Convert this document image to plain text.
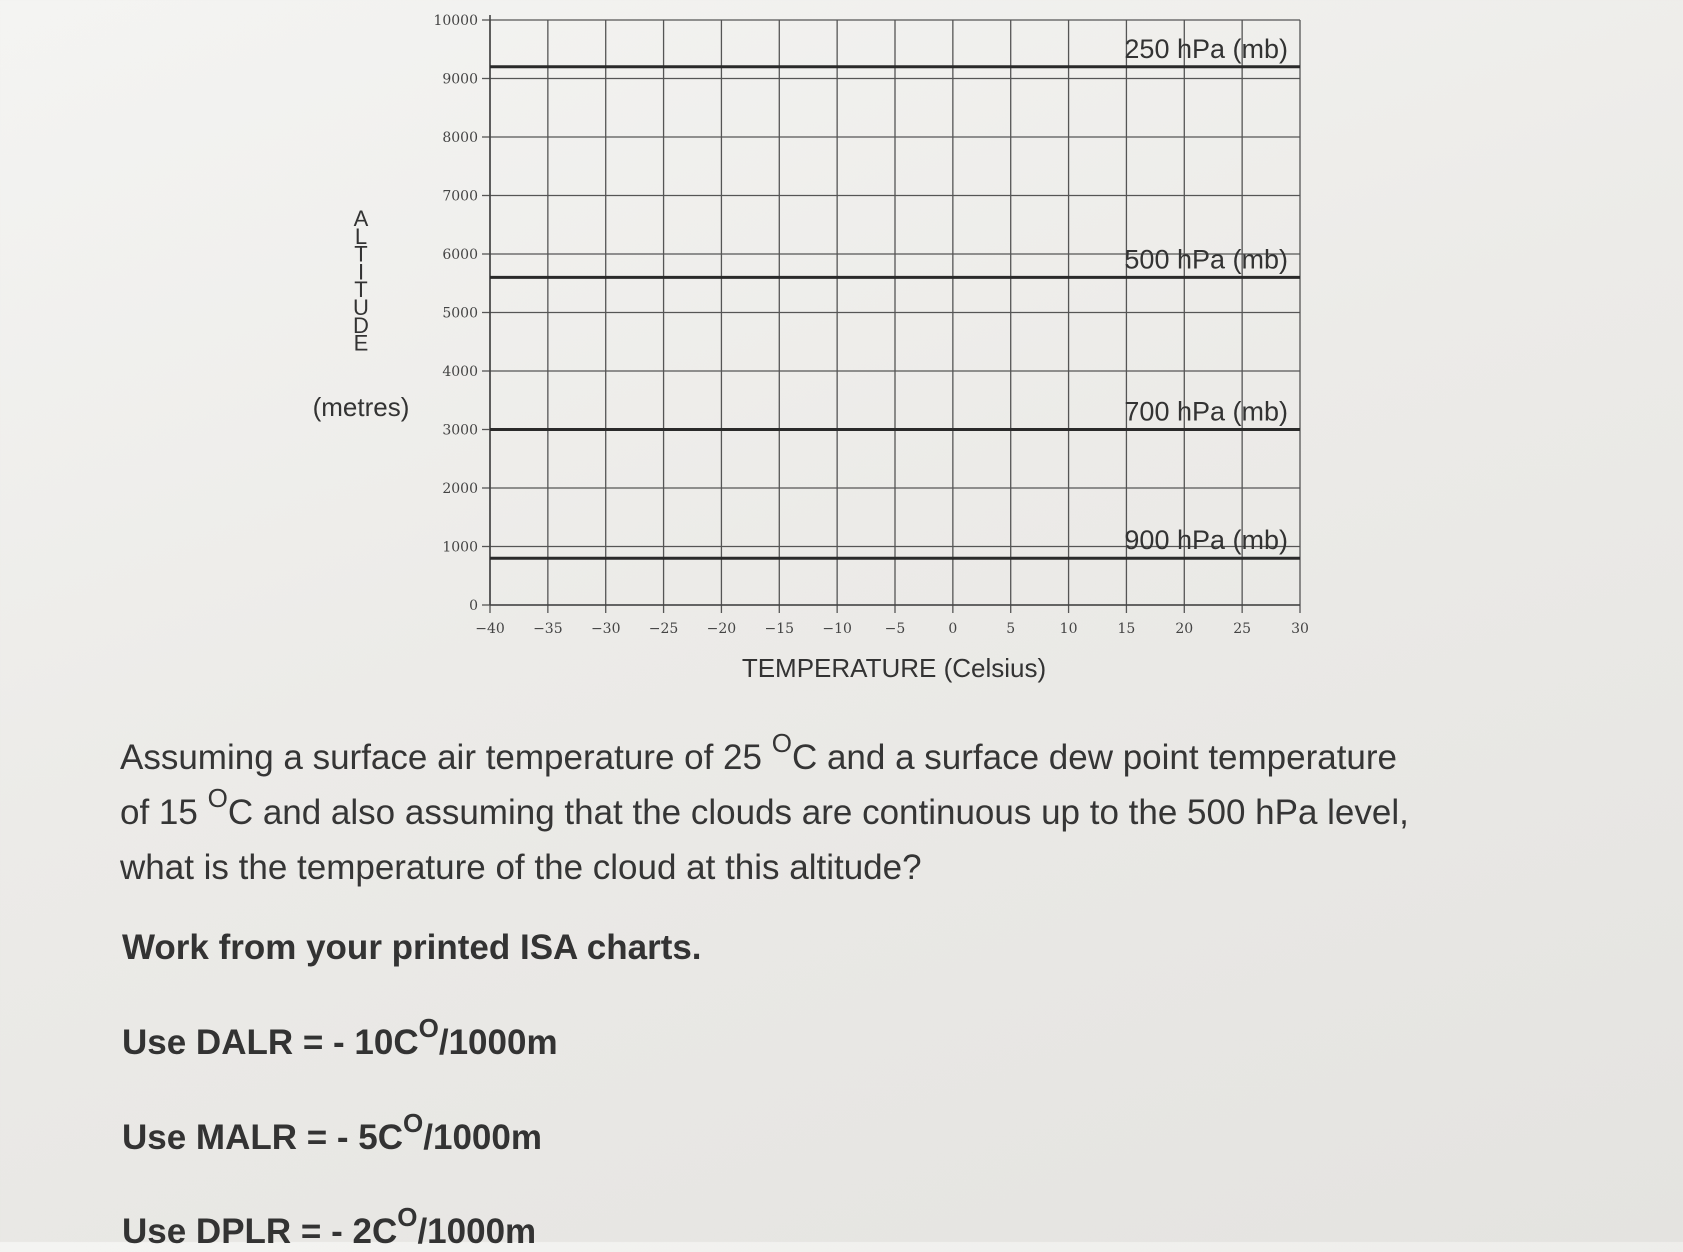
250 hPa (mb)
500 hPa (mb)
700 hPa (mb)
900 hPa (mb)
0
1000
2000
3000
4000
5000
6000
7000
8000
9000
10000
−40 −35 −30 −25 −20 −15 −10 −5	0	5	10	15	20	25	30
A
L
T
I
T
U
D
E
(metres)
TEMPERATURE (Celsius)
Assuming a surface air temperature of 25 $^O$C and a surface dew point temperature
of 15 $^O$C and also assuming that the clouds are continuous up to the 500 hPa level,
what is the temperature of the cloud at this altitude?
Work from your printed ISA charts.
Use DALR = - $10C^O/1000m$
Use MALR = - $5C^O/1000m$
Use DPLR = - $2C^O/1000m$
